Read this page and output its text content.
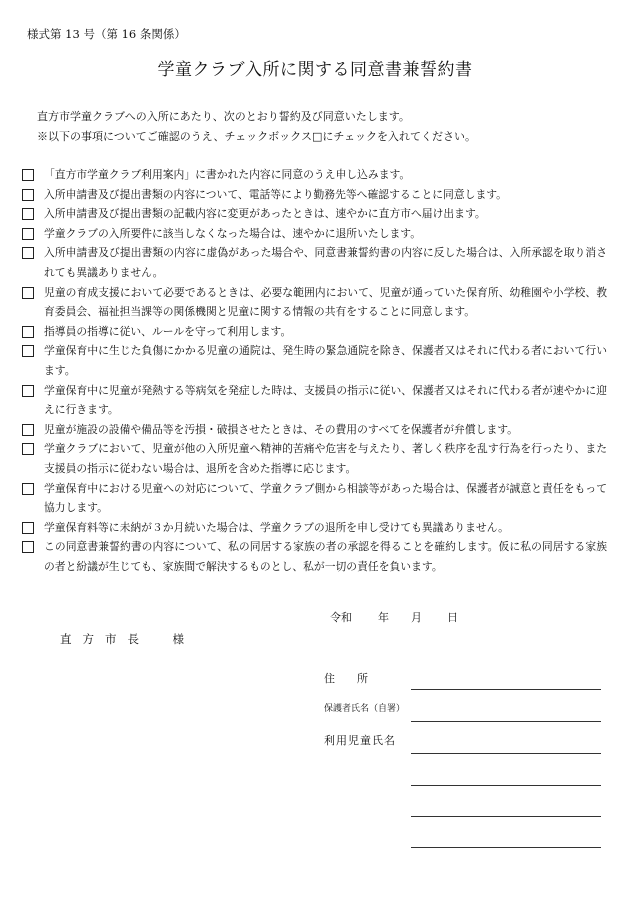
様式第 13 号（第 16 条関係）
学童クラブ入所に関する同意書兼誓約書
直方市学童クラブへの入所にあたり、次のとおり誓約及び同意いたします。
※以下の事項についてご確認のうえ、チェックボックス□にチェックを入れてください。
「直方市学童クラブ利用案内」に書かれた内容に同意のうえ申し込みます。
入所申請書及び提出書類の内容について、電話等により勤務先等へ確認することに同意します。
入所申請書及び提出書類の記載内容に変更があったときは、速やかに直方市へ届け出ます。
学童クラブの入所要件に該当しなくなった場合は、速やかに退所いたします。
入所申請書及び提出書類の内容に虚偽があった場合や、同意書兼誓約書の内容に反した場合は、入所承認を取り消されても異議ありません。
児童の育成支援において必要であるときは、必要な範囲内において、児童が通っていた保育所、幼稚園や小学校、教育委員会、福祉担当課等の関係機関と児童に関する情報の共有をすることに同意します。
指導員の指導に従い、ルールを守って利用します。
学童保育中に生じた負傷にかかる児童の通院は、発生時の緊急通院を除き、保護者又はそれに代わる者において行います。
学童保育中に児童が発熱する等病気を発症した時は、支援員の指示に従い、保護者又はそれに代わる者が速やかに迎えに行きます。
児童が施設の設備や備品等を汚損・破損させたときは、その費用のすべてを保護者が弁償します。
学童クラブにおいて、児童が他の入所児童へ精神的苦痛や危害を与えたり、著しく秩序を乱す行為を行ったり、また支援員の指示に従わない場合は、退所を含めた指導に応じます。
学童保育中における児童への対応について、学童クラブ側から相談等があった場合は、保護者が誠意と責任をもって協力します。
学童保育料等に未納が３か月続いた場合は、学童クラブの退所を申し受けても異議ありません。
この同意書兼誓約書の内容について、私の同居する家族の者の承認を得ることを確約します。仮に私の同居する家族の者と紛議が生じても、家族間で解決するものとし、私が一切の責任を負います。
令和 年 月 日
直方市長　様
住　　所
保護者氏名（自署）
利用児童氏名
